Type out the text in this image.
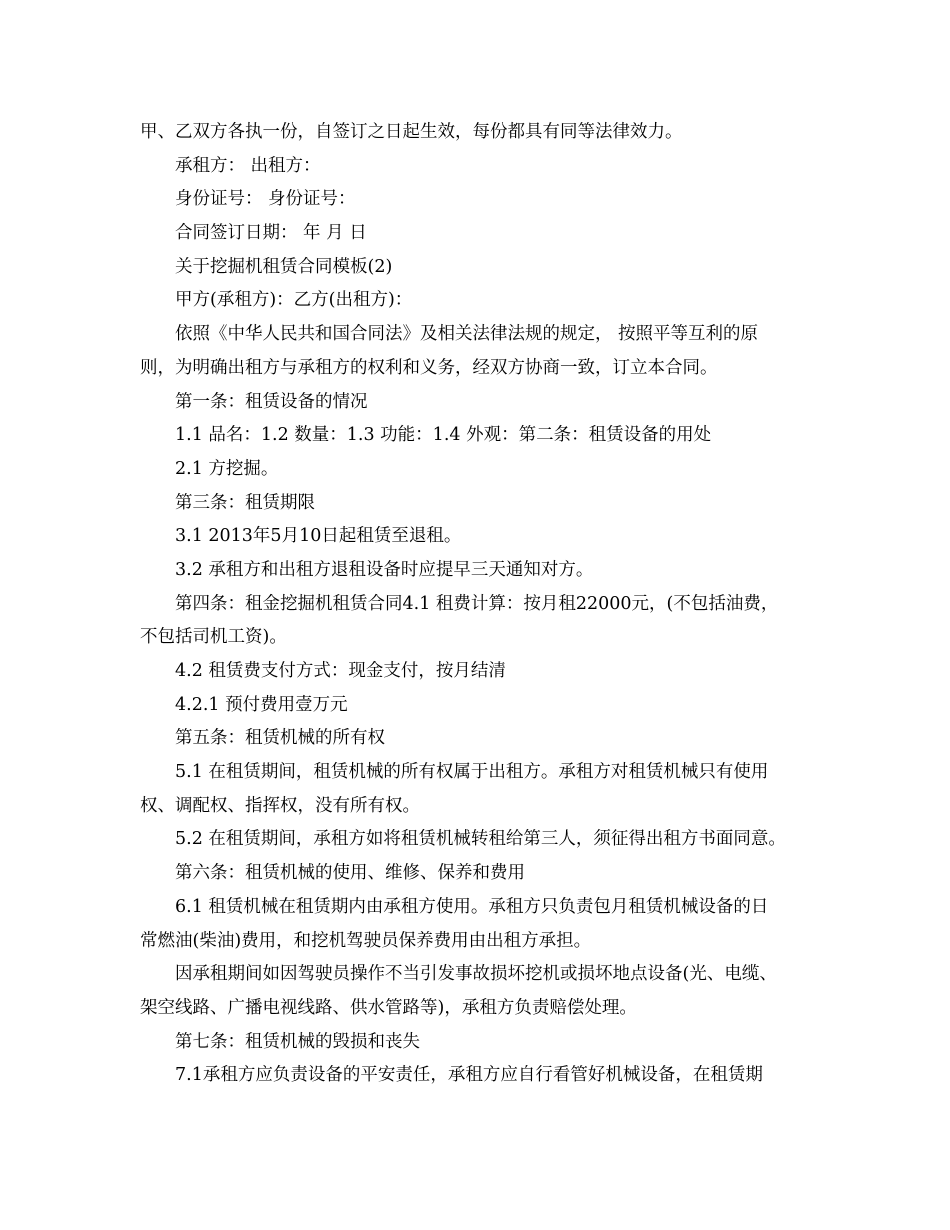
甲、乙双方各执一份，自签订之日起生效，每份都具有同等法律效力。
承租方： 出租方：
身份证号： 身份证号：
合同签订日期： 年 月 日
关于挖掘机租赁合同模板(2)
甲方(承租方)：乙方(出租方)：
依照《中华人民共和国合同法》及相关法律法规的规定， 按照平等互利的原
则，为明确出租方与承租方的权利和义务，经双方协商一致，订立本合同。
第一条：租赁设备的情况
1.1 品名：1.2 数量：1.3 功能：1.4 外观：第二条：租赁设备的用处
2.1 方挖掘。
第三条：租赁期限
3.1 2013年5月10日起租赁至退租。
3.2 承租方和出租方退租设备时应提早三天通知对方。
第四条：租金挖掘机租赁合同4.1 租费计算：按月租22000元，(不包括油费，
不包括司机工资)。
4.2 租赁费支付方式：现金支付，按月结清
4.2.1 预付费用壹万元
第五条：租赁机械的所有权
5.1 在租赁期间，租赁机械的所有权属于出租方。承租方对租赁机械只有使用
权、调配权、指挥权，没有所有权。
5.2 在租赁期间，承租方如将租赁机械转租给第三人，须征得出租方书面同意。
第六条：租赁机械的使用、维修、保养和费用
6.1 租赁机械在租赁期内由承租方使用。承租方只负责包月租赁机械设备的日
常燃油(柴油)费用，和挖机驾驶员保养费用由出租方承担。
因承租期间如因驾驶员操作不当引发事故损坏挖机或损坏地点设备(光、电缆、
架空线路、广播电视线路、供水管路等)，承租方负责赔偿处理。
第七条：租赁机械的毁损和丧失
7.1承租方应负责设备的平安责任，承租方应自行看管好机械设备，在租赁期
